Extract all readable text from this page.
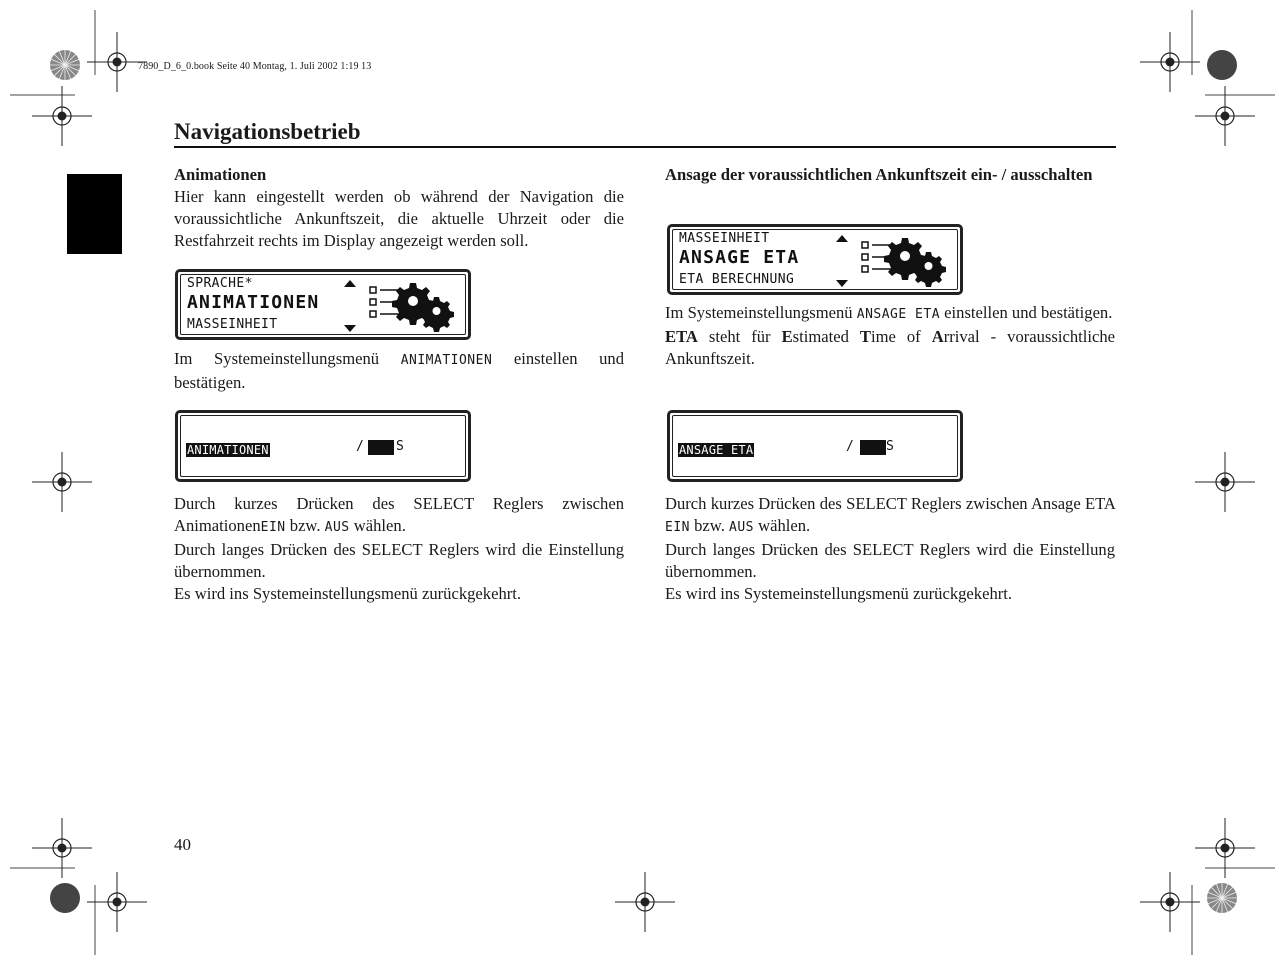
7890_D_6_0.book Seite 40 Montag, 1. Juli 2002 1:19 13
Navigationsbetrieb

Animationen

Hier kann eingestellt werden ob während der Navigation die voraussichtliche Ankunftszeit, die aktuelle Uhrzeit oder die Restfahrzeit rechts im Display angezeigt werden soll.

SPRACHE*
ANIMATIONEN
MASSEINHEIT
Im Systemeinstellungsmenü ANIMATIONEN einstellen und bestätigen.
ANIMATIONEN	/ S

Durch kurzes Drücken des SELECT Reglers zwischen AnimationenEIN bzw. AUS wählen.

Durch langes Drücken des SELECT Reglers wird die Einstellung übernommen.

Es wird ins Systemeinstellungsmenü zurückgekehrt.

Ansage der voraussichtlichen Ankunftszeit ein- / ausschalten
MASSEINHEIT
ANSAGE ETA
ETA BERECHNUNG

Im Systemeinstellungsmenü ANSAGE ETA einstellen und bestätigen.

ETA steht für Estimated Time of Arrival - voraussichtliche Ankunftszeit.

ANSAGE ETA	/ S

Durch kurzes Drücken des SELECT Reglers zwischen Ansage ETA EIN bzw. AUS wählen.

Durch langes Drücken des SELECT Reglers wird die Einstellung übernommen.

Es wird ins Systemeinstellungsmenü zurückgekehrt.

40
